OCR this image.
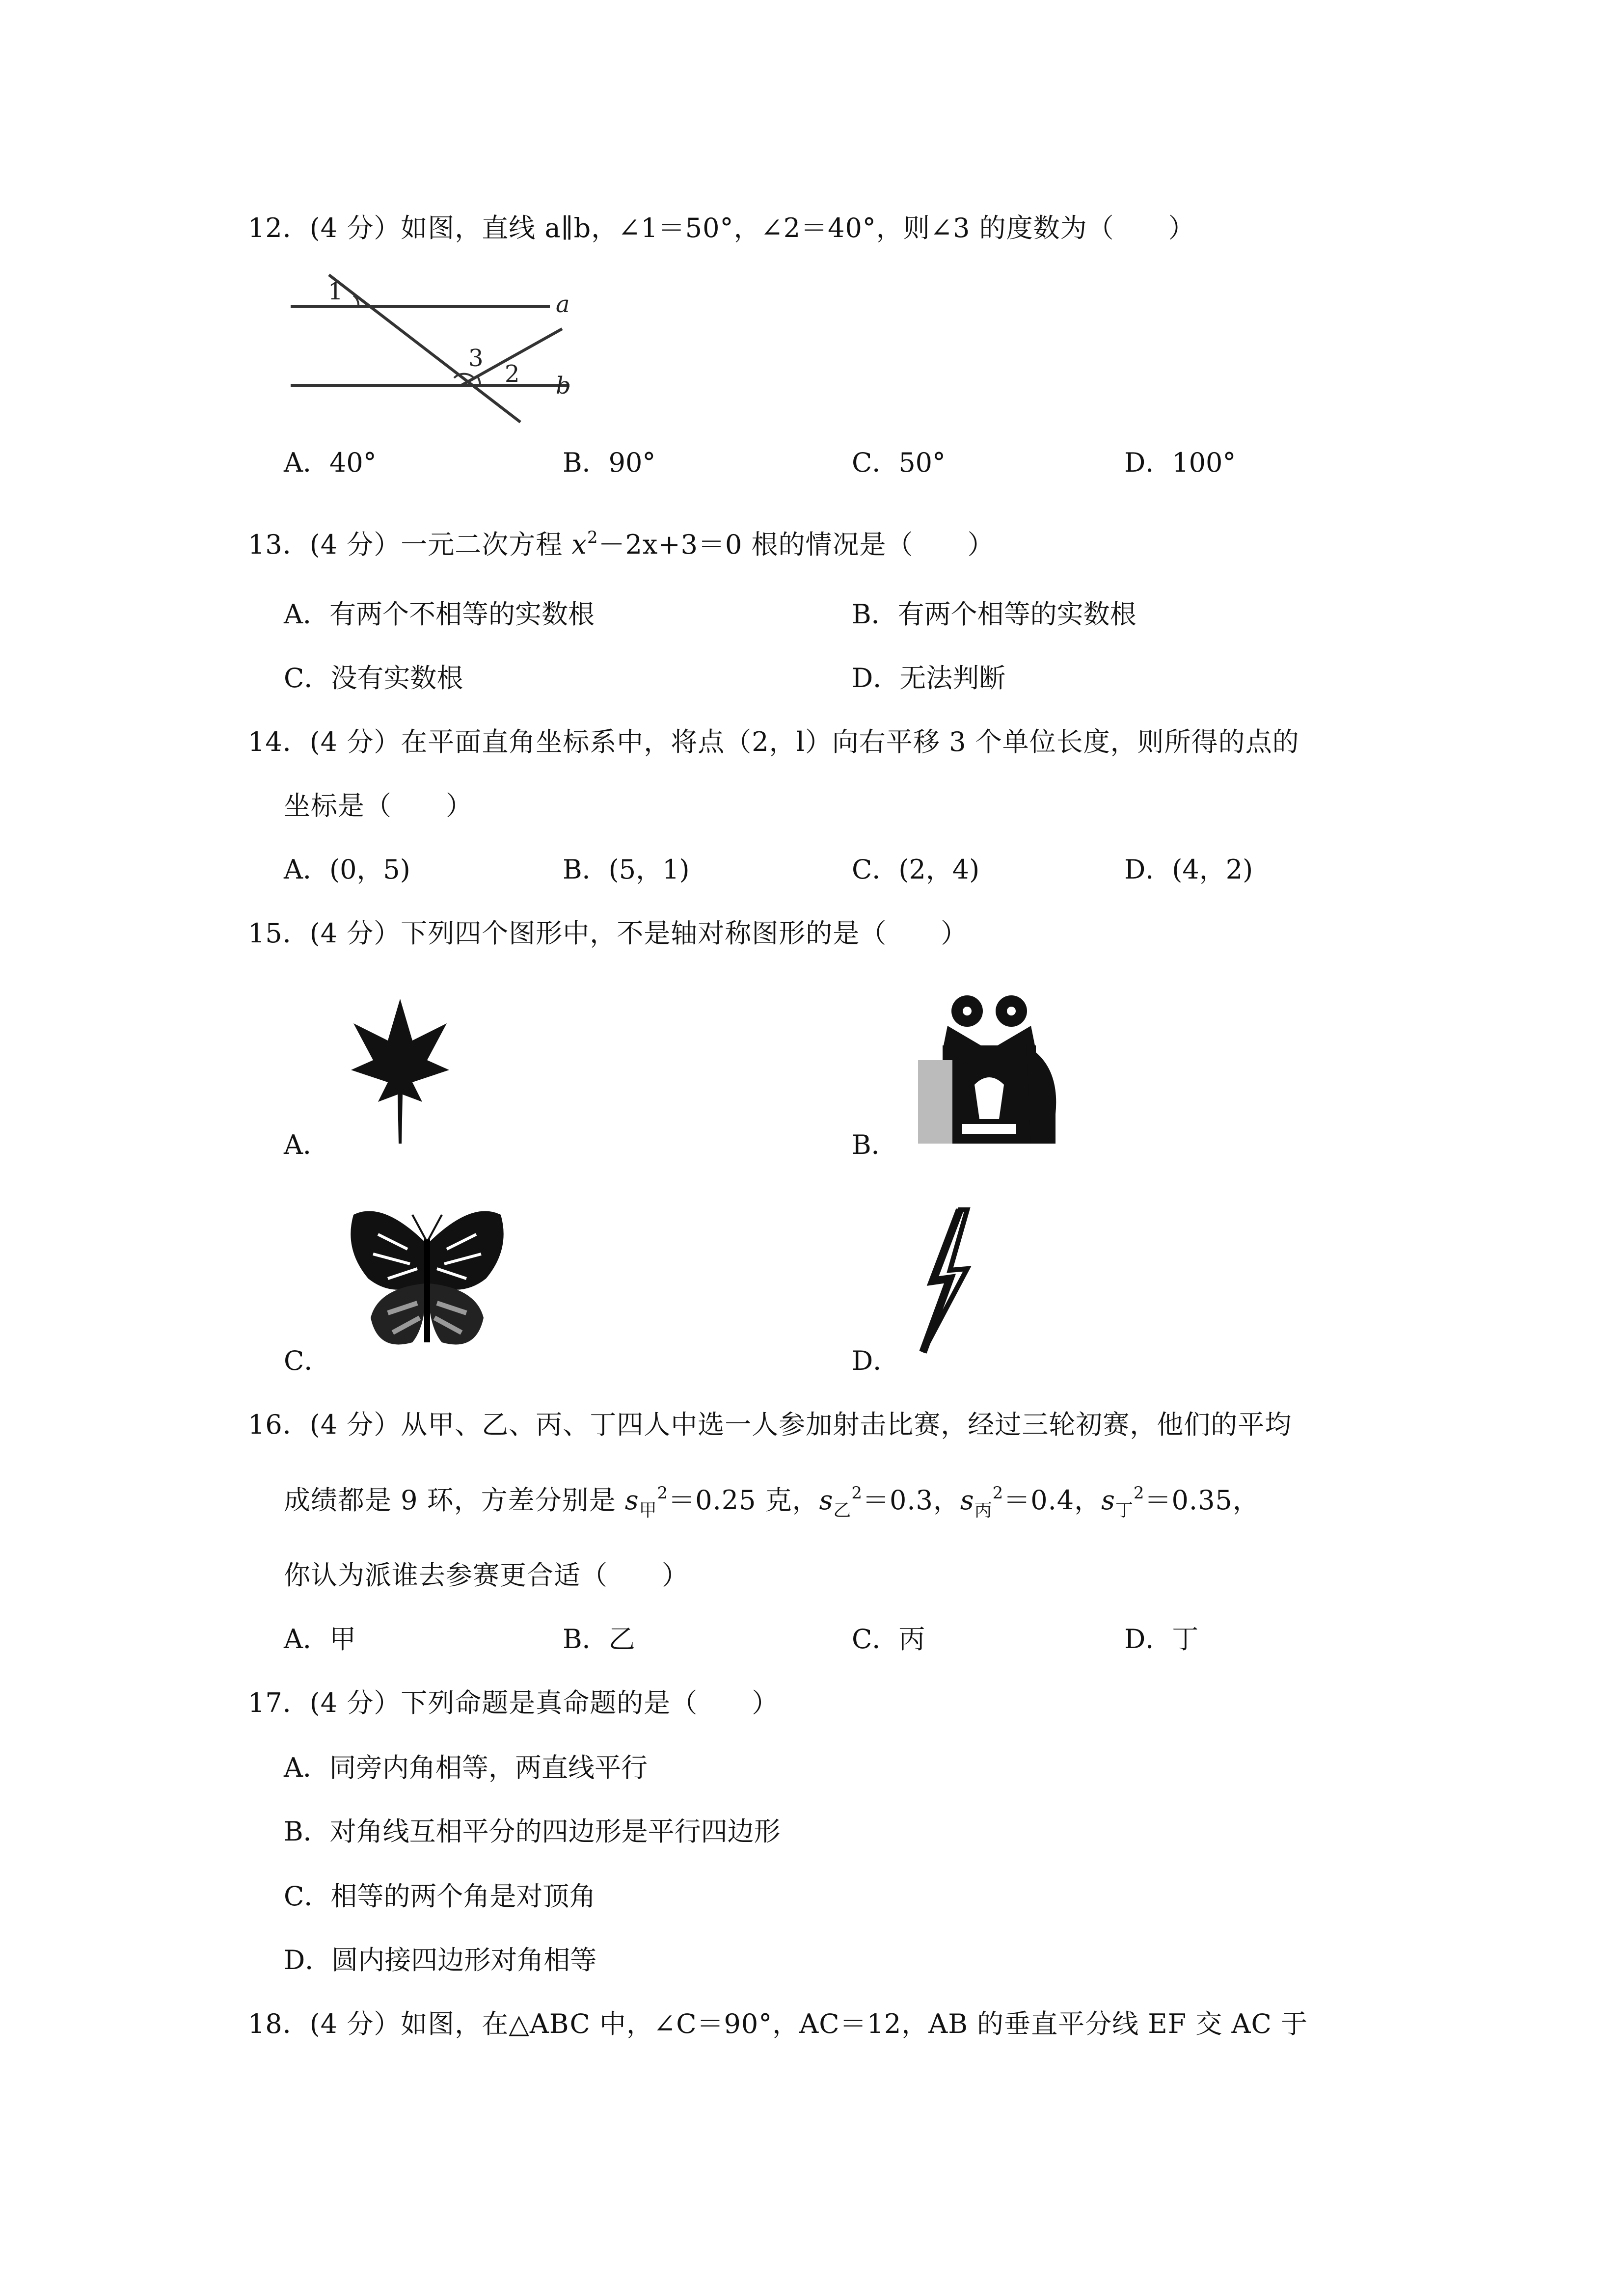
12．(4 分）如图，直线 a∥b，∠1＝50°，∠2＝40°，则∠3 的度数为（　　）
1
3
2
a
b
A．40°	B．90°	C．50°	D．100°
13．(4 分）一元二次方程 $x^2-2x+3=0$ 根的情况是（　　）
A．有两个不相等的实数根	B．有两个相等的实数根
C．没有实数根	D．无法判断
14．(4 分）在平面直角坐标系中，将点（2，l）向右平移 3 个单位长度，则所得的点的
坐标是（　　）
A．(0，5)	B．(5，1)	C．(2，4)	D．(4，2)
15．(4 分）下列四个图形中，不是轴对称图形的是（　　）
A．	B．
C．	D．
16．(4 分）从甲、乙、丙、丁四人中选一人参加射击比赛，经过三轮初赛，他们的平均
成绩都是 9 环，方差分别是 $s_甲^2=0.25$ 克，$s_乙^2=0.3$，$s_丙^2=0.4$，$s_丁^2=0.35$，
你认为派谁去参赛更合适（　　）
A．甲	B．乙	C．丙	D．丁
17．(4 分）下列命题是真命题的是（　　）
A．同旁内角相等，两直线平行
B．对角线互相平分的四边形是平行四边形
C．相等的两个角是对顶角
D．圆内接四边形对角相等
18．(4 分）如图，在△ABC 中，∠C＝90°，AC＝12，AB 的垂直平分线 EF 交 AC 于
